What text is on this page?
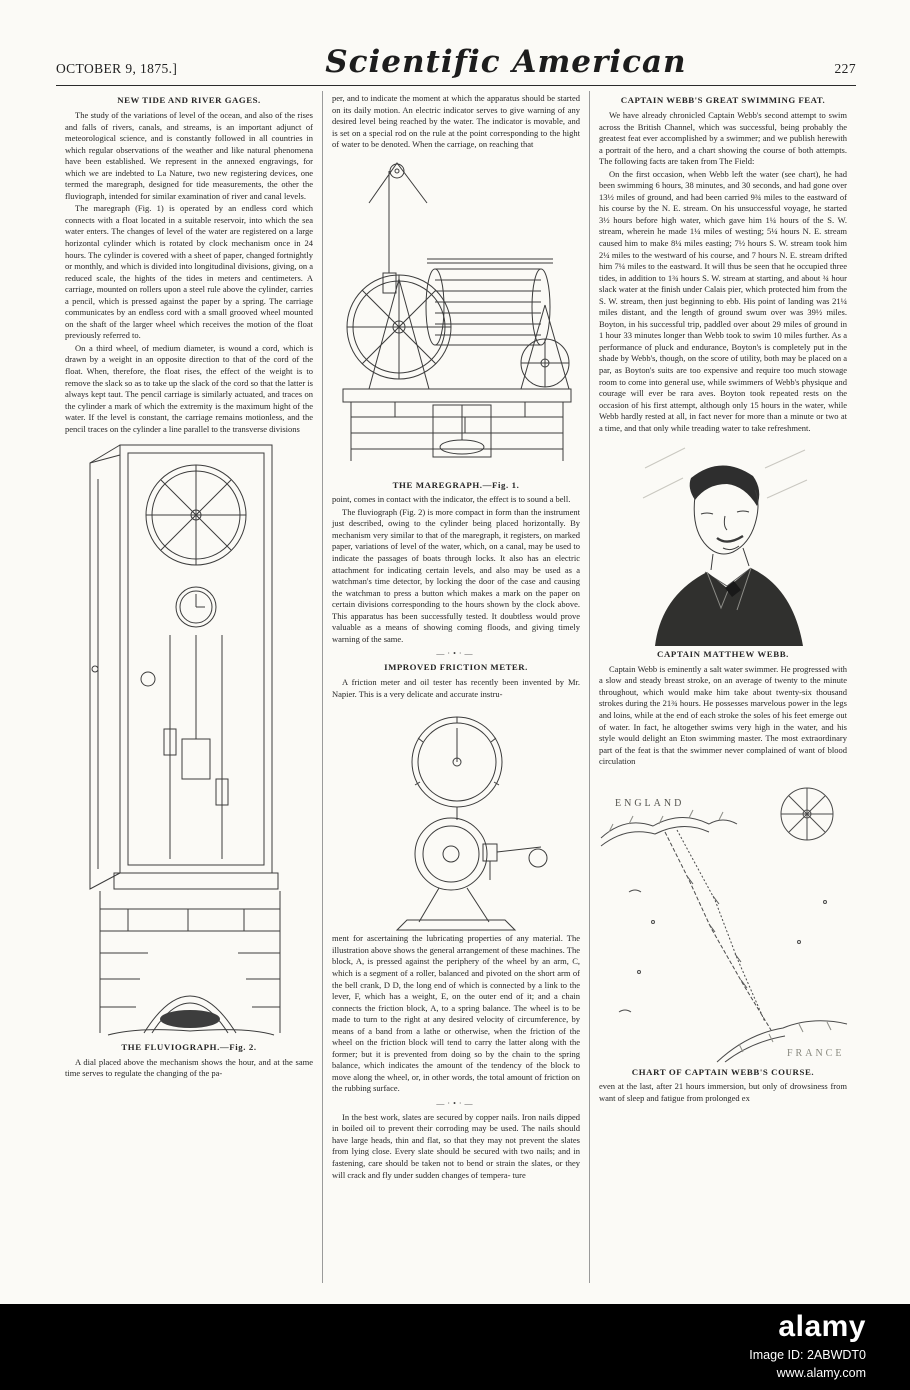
OCTOBER 9, 1875.]	Scientific American	227
NEW TIDE AND RIVER GAGES.

The study of the variations of level of the ocean, and also of the rises and falls of rivers, canals, and streams, is an important adjunct of meteorological science, and is constantly followed in all countries in which regular observations of the weather and like natural phenomena have been established. We represent in the annexed engravings, for which we are indebted to La Nature, two new registering devices, one termed the maregraph, designed for tide measurements, the other the fluviograph, intended for similar examination of river and canal levels.

The maregraph (Fig. 1) is operated by an endless cord which connects with a float located in a suitable reservoir, into which the sea water enters. The changes of level of the water are registered on a large horizontal cylinder which is rotated by clock mechanism once in 24 hours. The cylinder is covered with a sheet of paper, changed fortnightly or monthly, and which is divided into longitudinal divisions, giving, on a reduced scale, the hights of the tides in meters and centimeters. A carriage, mounted on rollers upon a steel rule above the cylinder, carries a pencil, which is pressed against the paper by a spring. The carriage communicates by an endless cord with a small grooved wheel mounted on the shaft of the larger wheel which receives the motion of the float previously referred to.

On a third wheel, of medium diameter, is wound a cord, which is drawn by a weight in an opposite direction to that of the cord of the float. When, therefore, the float rises, the effect of the weight is to remove the slack so as to take up the slack of the cord so that the latter is always kept taut. The pencil carriage is similarly actuated, and traces on the cylinder a mark of which the extremity is the maximum hight of the water. If the level is constant, the carriage remains motionless, and the pencil traces on the cylinder a line parallel to the transverse divisions

THE FLUVIOGRAPH.—Fig. 2.

A dial placed above the mechanism shows the hour, and at the same time serves to regulate the changing of the pa-

per, and to indicate the moment at which the apparatus should be started on its daily motion. An electric indicator serves to give warning of any desired level being reached by the water. The indicator is movable, and is set on a special rod on the rule at the point corresponding to the hight of water to be denoted. When the carriage, on reaching that

THE MAREGRAPH.—Fig. 1.

point, comes in contact with the indicator, the effect is to sound a bell.

The fluviograph (Fig. 2) is more compact in form than the instrument just described, owing to the cylinder being placed horizontally. By mechanism very similar to that of the maregraph, it registers, on marked paper, variations of level of the water, which, on a canal, may be used to indicate the passages of boats through locks. It also has an electric attachment for indicating certain levels, and also may be used as a watchman's time detector, by locking the door of the case and causing the watchman to press a button which makes a mark on the paper on certain divisions corresponding to the hours shown by the clock above. This apparatus has been successfully tested. It doubtless would prove valuable as a means of showing coming floods, and giving timely warning of the same.

—·•·—
IMPROVED FRICTION METER.

A friction meter and oil tester has recently been invented by Mr. Napier. This is a very delicate and accurate instru-

ment for ascertaining the lubricating properties of any material. The illustration above shows the general arrangement of these machines. The block, A, is pressed against the periphery of the wheel by an arm, C, which is a segment of a roller, balanced and pivoted on the short arm of the bell crank, D D, the long end of which is connected by a link to the lever, F, which has a weight, E, on the outer end of it; and a chain connects the friction block, A, to a spring balance. The wheel is to be made to turn to the right at any desired velocity of circumference, by means of a band from a lathe or otherwise, when the friction of the wheel on the friction block will tend to carry the latter along with the former; but it is prevented from doing so by the chain to the spring balance, which indicates the amount of the tendency of the block to move along the wheel, or, in other words, the total amount of friction on the rubbing surface.

—·•·—

In the best work, slates are secured by copper nails. Iron nails dipped in boiled oil to prevent their corroding may be used. The nails should have large heads, thin and flat, so that they may not prevent the slates from lying close. Every slate should be secured with two nails; and in fastening, care should be taken not to bend or strain the slates, or they will crack and fly under sudden changes of tempera- ture

CAPTAIN WEBB'S GREAT SWIMMING FEAT.

We have already chronicled Captain Webb's second attempt to swim across the British Channel, which was successful, being probably the greatest feat ever accomplished by a swimmer; and we publish herewith a portrait of the hero, and a chart showing the course of both attempts. The following facts are taken from The Field:

On the first occasion, when Webb left the water (see chart), he had been swimming 6 hours, 38 minutes, and 30 seconds, and had gone over 13½ miles of ground, and had been carried 9¾ miles to the eastward of his course by the N. E. stream. On his unsuccessful voyage, he started 3½ hours before high water, which gave him 1¼ hours of the S. W. stream, wherein he made 1¼ miles of westing; 5¼ hours N. E. stream caused him to make 8¼ miles easting; 7½ hours S. W. stream took him 2¼ miles to the westward of his course, and 7 hours N. E. stream drifted him 7¼ miles to the eastward. It will thus be seen that he occupied three tides, in addition to 1¾ hours S. W. stream at starting, and about ¾ hour slack water at the finish under Calais pier, which protected him from the S. W. stream, then just beginning to ebb. His point of landing was 21¼ miles distant, and the length of ground swum over was 39½ miles. Boyton, in his successful trip, paddled over about 29 miles of ground in 1 hour 33 minutes longer than Webb took to swim 10 miles further. As a performance of pluck and endurance, Boyton's is completely put in the shade by Webb's, though, on the score of utility, both may be placed on a par, as Boyton's suits are too expensive and require too much stowage room to come into general use, while swimmers of Webb's physique and courage will ever be rara aves. Boyton took repeated rests on the occasion of his first attempt, although only 15 hours in the water, while Webb hardly rested at all, in fact never for more than a minute or two at a time, and that only while treading water to take refreshment.

CAPTAIN MATTHEW WEBB.

Captain Webb is eminently a salt water swimmer. He progressed with a slow and steady breast stroke, on an average of twenty to the minute throughout, which would make him take about twenty-six thousand strokes during the 21¾ hours. He possesses marvelous power in the legs and loins, while at the end of each stroke the soles of his feet emerge out of water. In fact, he altogether swims very high in the water, and his style would delight an Eton swimming master. The most extraordinary part of the feat is that the swimmer never complained of want of blood circulation

ENGLAND
FRANCE
CHART OF CAPTAIN WEBB'S COURSE.

even at the last, after 21 hours immersion, but only of drowsiness from want of sleep and fatigue from prolonged ex

alamy
Image ID: 2ABWDT0
www.alamy.com
